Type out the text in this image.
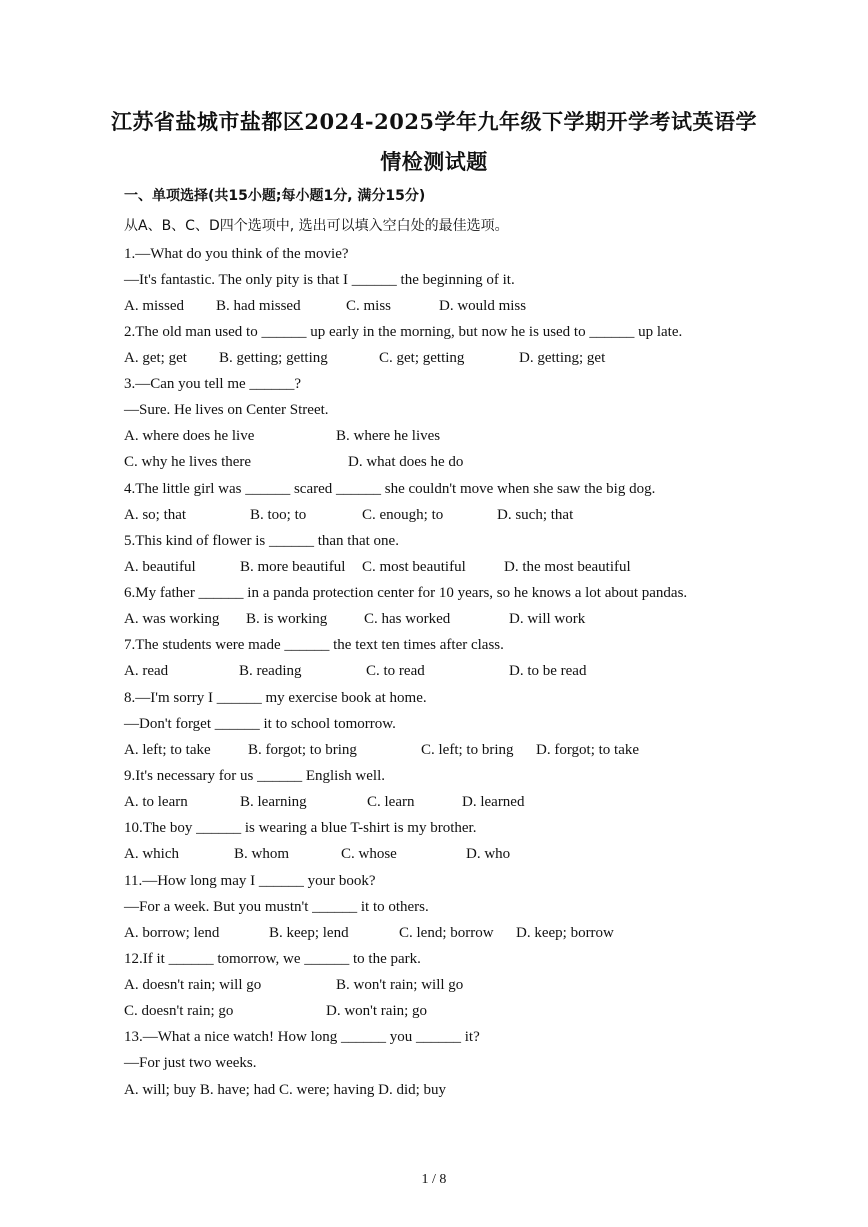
江苏省盐城市盐都区2024-2025学年九年级下学期开学考试英语学
情检测试题
一、单项选择(共15小题;每小题1分, 满分15分)
从A、B、C、D四个选项中, 选出可以填入空白处的最佳选项。
1.—What do you think of the movie?
—It's fantastic. The only pity is that I ______ the beginning of it.
A. missed B. had missed	C. miss	D. would miss
2.The old man used to ______ up early in the morning, but now he is used to ______ up late.
A. get; get B. getting; getting	C. get; getting	D. getting; get
3.—Can you tell me ______?
—Sure. He lives on Center Street.
A. where does he live	B. where he lives
C. why he lives there	D. what does he do
4.The little girl was ______ scared ______ she couldn't move when she saw the big dog.
A. so; that	B. too; to	C. enough; to	D. such; that
5.This kind of flower is ______ than that one.
A. beautiful	B. more beautiful C. most beautiful	D. the most beautiful
6.My father ______ in a panda protection center for 10 years, so he knows a lot about pandas.
A. was working B. is working C. has worked	D. will work
7.The students were made ______ the text ten times after class.
A. read	B. reading	C. to read	D. to be read
8.—I'm sorry I ______ my exercise book at home.
—Don't forget ______ it to school tomorrow.
A. left; to take B. forgot; to bring	C. left; to bring D. forgot; to take
9.It's necessary for us ______ English well.
A. to learn	B. learning	C. learn	D. learned
10.The boy ______ is wearing a blue T-shirt is my brother.
A. which	B. whom	C. whose	D. who
11.—How long may I ______ your book?
—For a week. But you mustn't ______ it to others.
A. borrow; lend	B. keep; lend	C. lend; borrow D. keep; borrow
12.If it ______ tomorrow, we ______ to the park.
A. doesn't rain; will go	B. won't rain; will go
C. doesn't rain; go	D. won't rain; go
13.—What a nice watch! How long ______ you ______ it?
—For just two weeks.
A. will; buy B. have; had C. were; having D. did; buy
1 / 8
